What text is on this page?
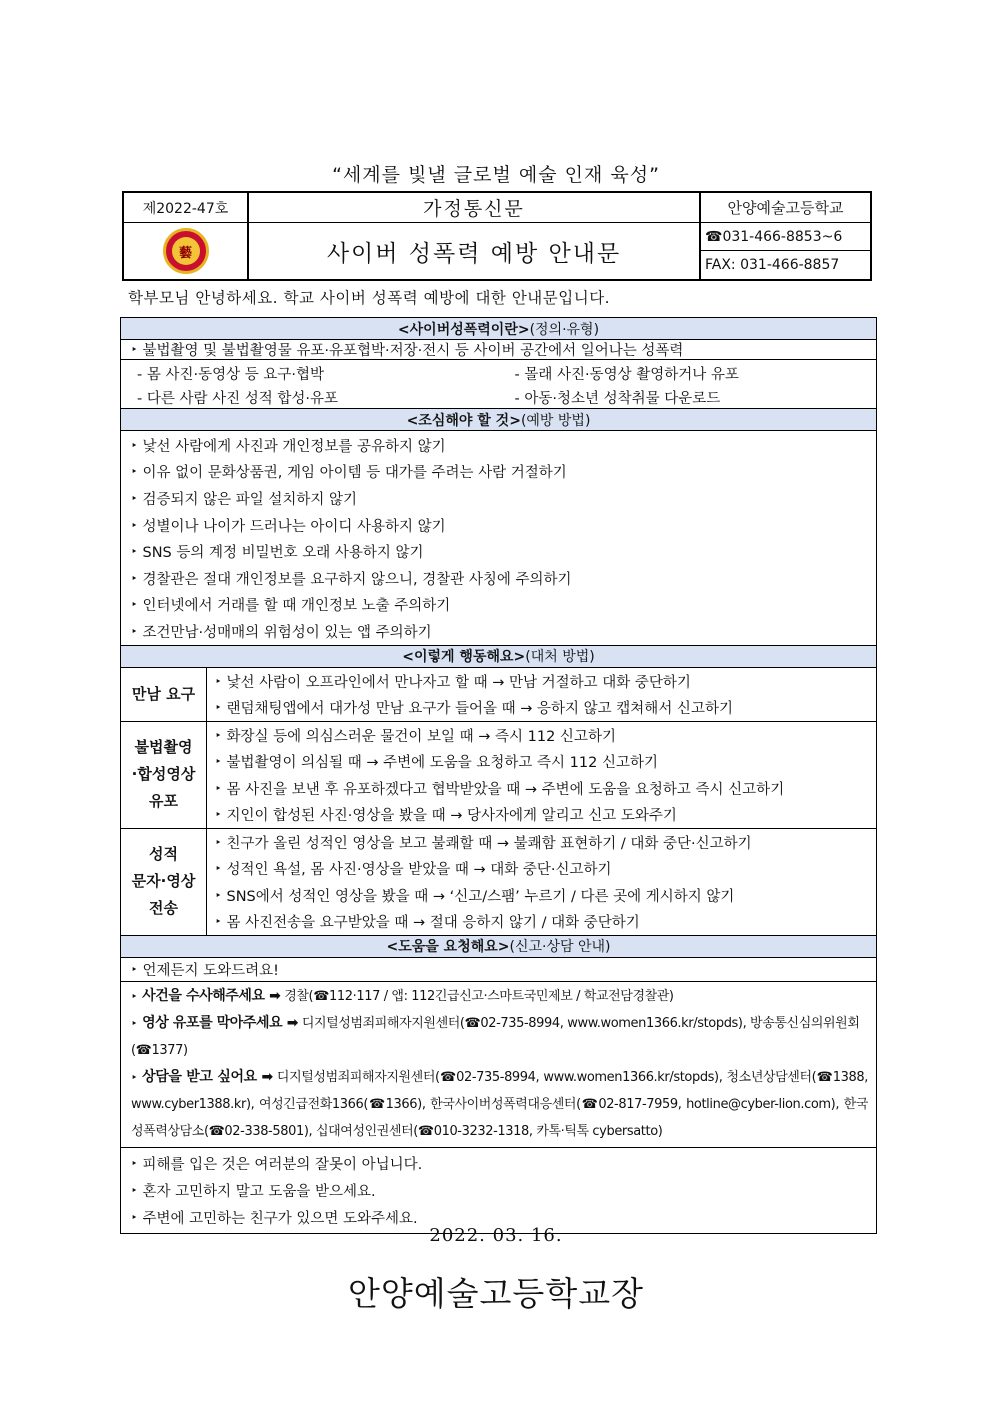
“세계를 빛낼 글로벌 예술 인재 육성”
제2022-47호
藝
가정통신문
사이버 성폭력 예방 안내문
안양예술고등학교
☎031-466-8853~6
FAX: 031-466-8857
학부모님 안녕하세요. 학교 사이버 성폭력 예방에 대한 안내문입니다.
<사이버성폭력이란> (정의·유형)
‣ 불법촬영 및 불법촬영물 유포·유포협박·저장·전시 등 사이버 공간에서 일어나는 성폭력
- 몸 사진·동영상 등 요구·협박	- 몰래 사진·동영상 촬영하거나 유포
- 다른 사람 사진 성적 합성·유포	- 아동·청소년 성착취물 다운로드
<조심해야 할 것> (예방 방법)
‣ 낯선 사람에게 사진과 개인정보를 공유하지 않기
‣ 이유 없이 문화상품권, 게임 아이템 등 대가를 주려는 사람 거절하기
‣ 검증되지 않은 파일 설치하지 않기
‣ 성별이나 나이가 드러나는 아이디 사용하지 않기
‣ SNS 등의 계정 비밀번호 오래 사용하지 않기
‣ 경찰관은 절대 개인정보를 요구하지 않으니, 경찰관 사칭에 주의하기
‣ 인터넷에서 거래를 할 때 개인정보 노출 주의하기
‣ 조건만남·성매매의 위험성이 있는 앱 주의하기
<이렇게 행동해요> (대처 방법)
만남 요구
‣ 낯선 사람이 오프라인에서 만나자고 할 때 → 만남 거절하고 대화 중단하기
‣ 랜덤채팅앱에서 대가성 만남 요구가 들어올 때 → 응하지 않고 캡쳐해서 신고하기
불법촬영
·합성영상
유포
‣ 화장실 등에 의심스러운 물건이 보일 때 → 즉시 112 신고하기
‣ 불법촬영이 의심될 때 → 주변에 도움을 요청하고 즉시 112 신고하기
‣ 몸 사진을 보낸 후 유포하겠다고 협박받았을 때 → 주변에 도움을 요청하고 즉시 신고하기
‣ 지인이 합성된 사진·영상을 봤을 때 → 당사자에게 알리고 신고 도와주기
성적
문자·영상
전송
‣ 친구가 올린 성적인 영상을 보고 불쾌할 때 → 불쾌함 표현하기 / 대화 중단·신고하기
‣ 성적인 욕설, 몸 사진·영상을 받았을 때 → 대화 중단·신고하기
‣ SNS에서 성적인 영상을 봤을 때 → ‘신고/스팸’ 누르기 / 다른 곳에 게시하지 않기
‣ 몸 사진전송을 요구받았을 때 → 절대 응하지 않기 / 대화 중단하기
<도움을 요청해요> (신고·상담 안내)
‣ 언제든지 도와드려요!
‣ 사건을 수사해주세요 ➡ 경찰(☎112·117 / 앱: 112긴급신고·스마트국민제보 / 학교전담경찰관)
‣ 영상 유포를 막아주세요 ➡ 디지털성범죄피해자지원센터(☎02-735-8994, www.women1366.kr/stopds), 방송통신심의위원회(☎1377)
‣ 상담을 받고 싶어요 ➡ 디지털성범죄피해자지원센터(☎02-735-8994, www.women1366.kr/stopds), 청소년상담센터(☎1388, www.cyber1388.kr), 여성긴급전화1366(☎1366), 한국사이버성폭력대응센터(☎02-817-7959, hotline@cyber-lion.com), 한국성폭력상담소(☎02-338-5801), 십대여성인권센터(☎010-3232-1318, 카톡·틱톡 cybersatto)
‣ 피해를 입은 것은 여러분의 잘못이 아닙니다.
‣ 혼자 고민하지 말고 도움을 받으세요.
‣ 주변에 고민하는 친구가 있으면 도와주세요.
2022. 03. 16.
안양예술고등학교장
